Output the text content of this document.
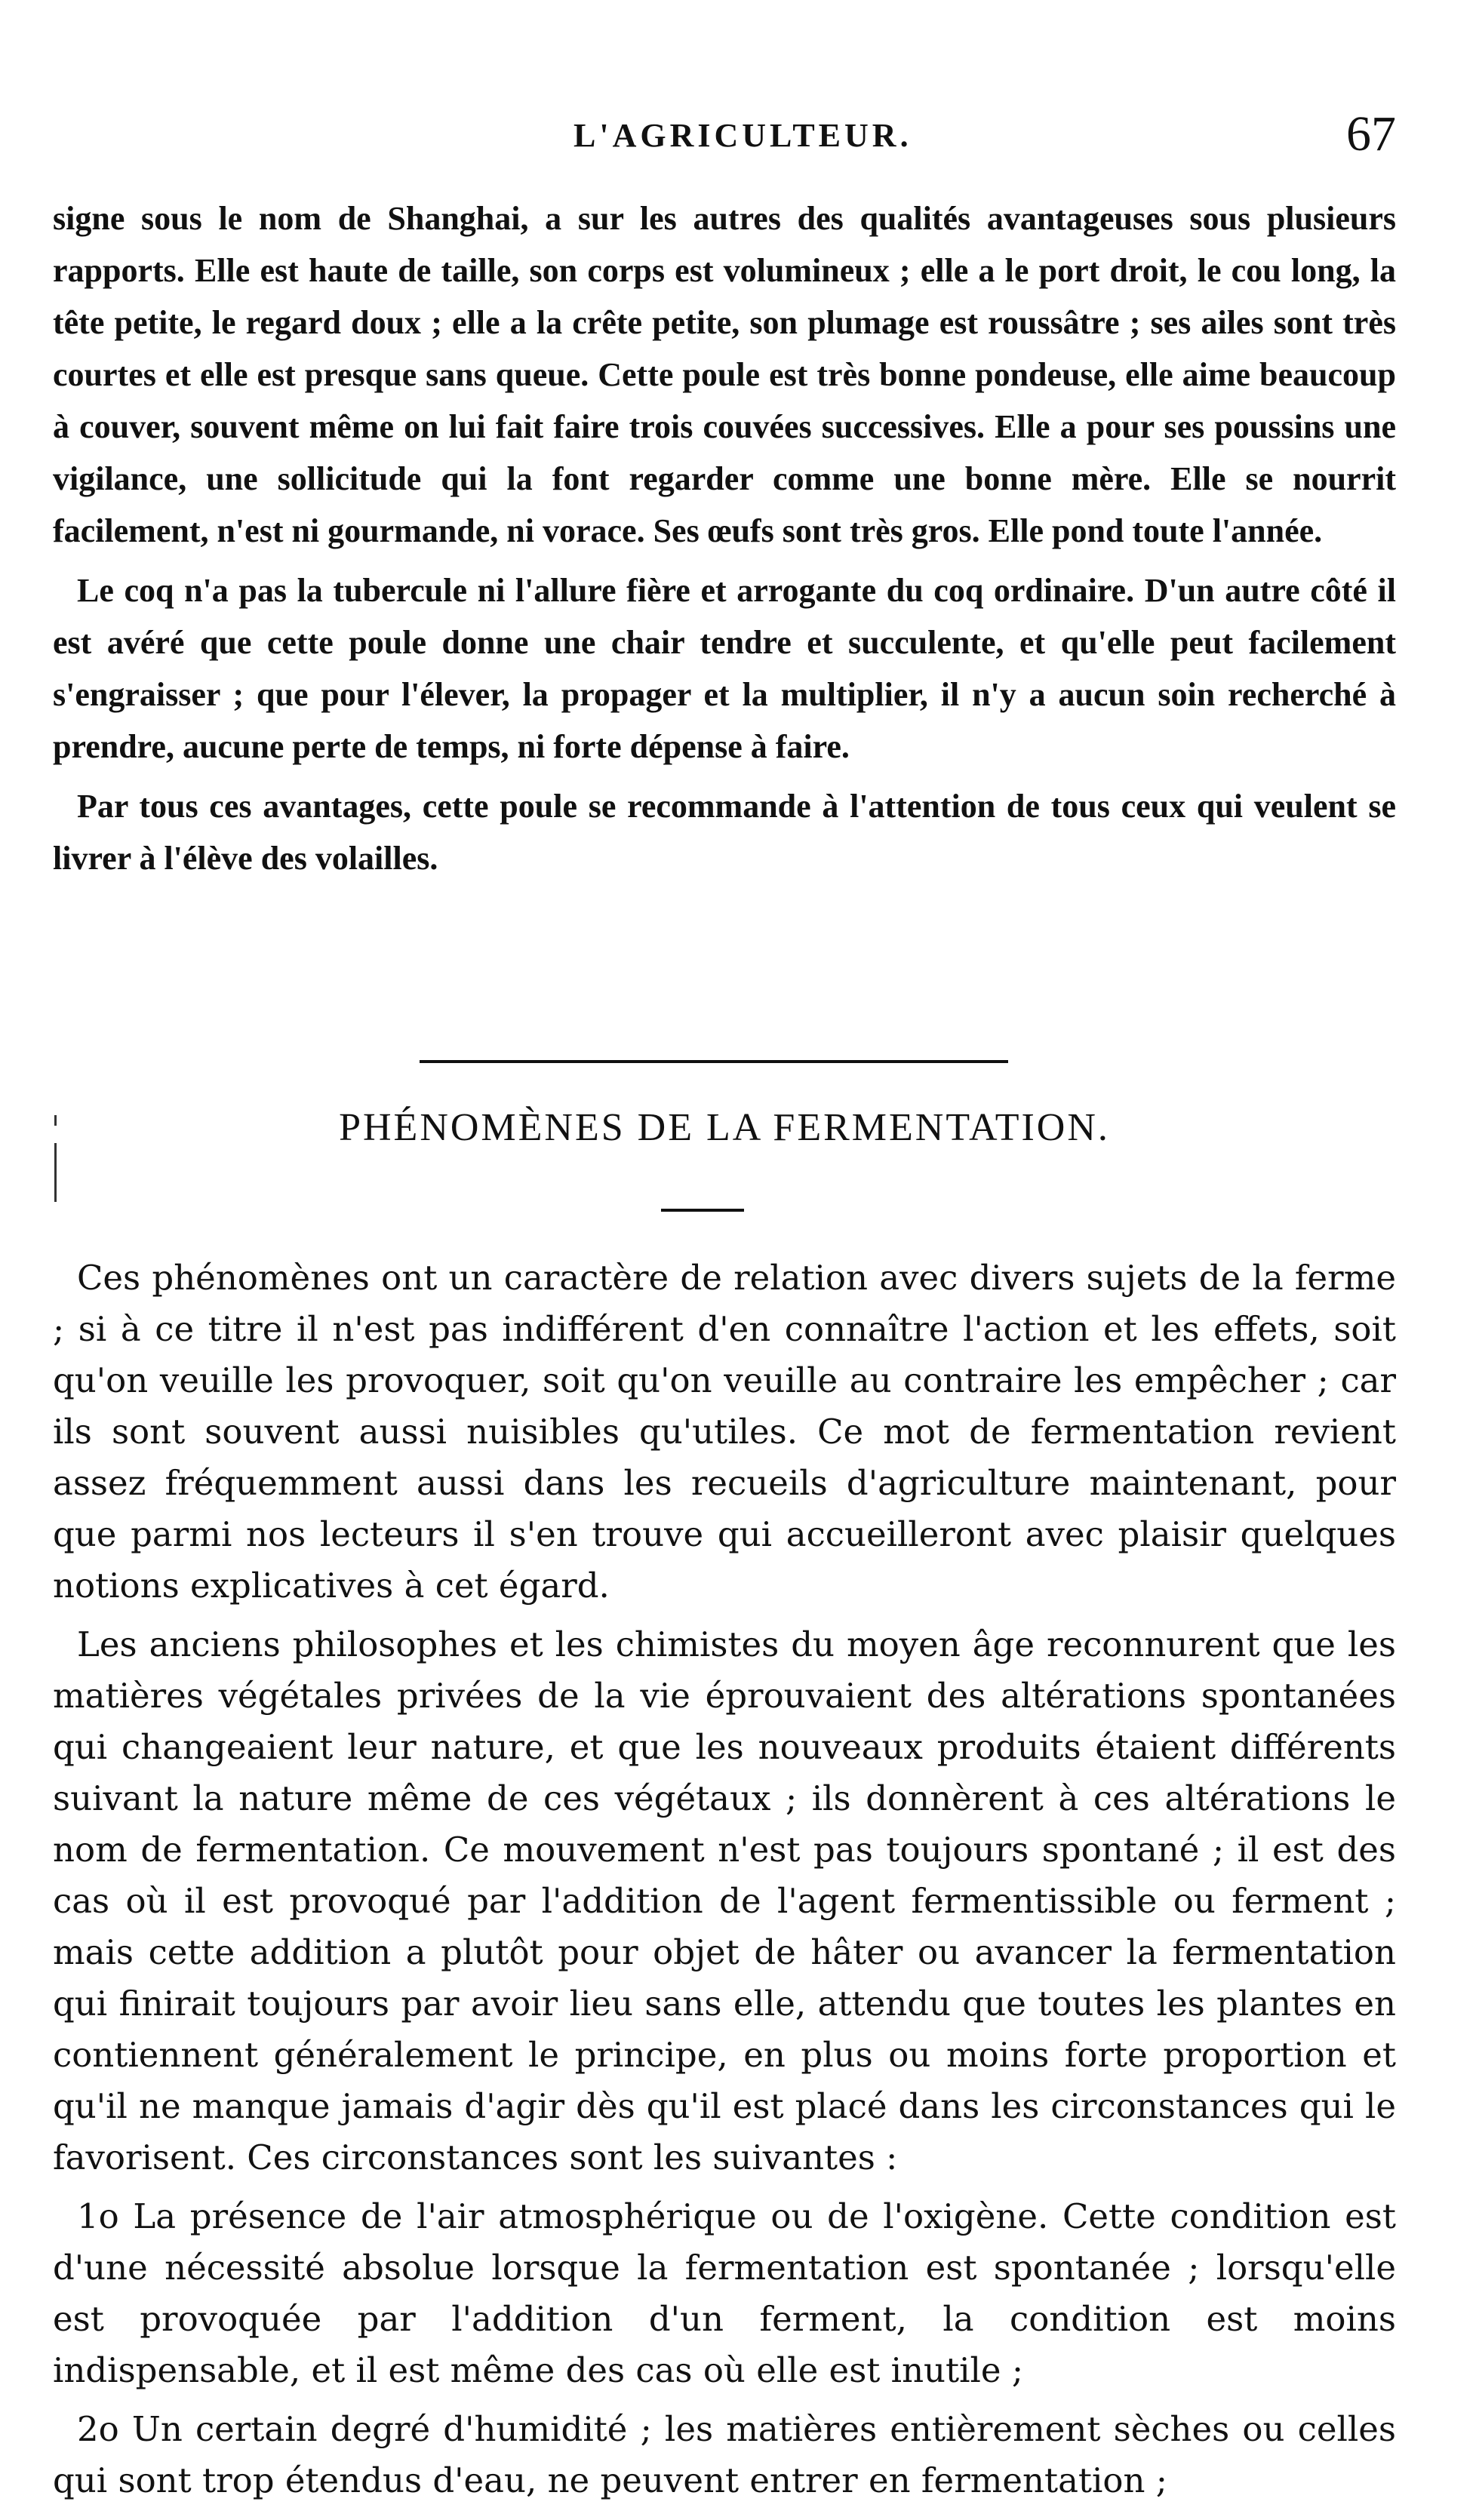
L'AGRICULTEUR.	67

signe sous le nom de Shanghai, a sur les autres des qualités avantageuses sous plusieurs rapports. Elle est haute de taille, son corps est volumineux ; elle a le port droit, le cou long, la tête petite, le regard doux ; elle a la crête petite, son plumage est roussâtre ; ses ailes sont très courtes et elle est presque sans queue. Cette poule est très bonne pondeuse, elle aime beaucoup à couver, souvent même on lui fait faire trois couvées successives. Elle a pour ses poussins une vigilance, une sollicitude qui la font regarder comme une bonne mère. Elle se nourrit facilement, n'est ni gourmande, ni vorace. Ses œufs sont très gros. Elle pond toute l'année.

Le coq n'a pas la tubercule ni l'allure fière et arrogante du coq ordinaire. D'un autre côté il est avéré que cette poule donne une chair tendre et succulente, et qu'elle peut facilement s'engraisser ; que pour l'élever, la propager et la multiplier, il n'y a aucun soin recherché à prendre, aucune perte de temps, ni forte dépense à faire.

Par tous ces avantages, cette poule se recommande à l'attention de tous ceux qui veulent se livrer à l'élève des volailles.

PHÉNOMÈNES DE LA FERMENTATION.

Ces phénomènes ont un caractère de relation avec divers sujets de la ferme ; si à ce titre il n'est pas indifférent d'en connaître l'action et les effets, soit qu'on veuille les provoquer, soit qu'on veuille au contraire les empêcher ; car ils sont souvent aussi nuisibles qu'utiles. Ce mot de fermentation revient assez fréquemment aussi dans les recueils d'agriculture maintenant, pour que parmi nos lecteurs il s'en trouve qui accueilleront avec plaisir quelques notions explicatives à cet égard.

Les anciens philosophes et les chimistes du moyen âge reconnurent que les matières végétales privées de la vie éprouvaient des altérations spontanées qui changeaient leur nature, et que les nouveaux produits étaient différents suivant la nature même de ces végétaux ; ils donnèrent à ces altérations le nom de fermentation. Ce mouvement n'est pas toujours spontané ; il est des cas où il est provoqué par l'addition de l'agent fermentissible ou ferment ; mais cette addition a plutôt pour objet de hâter ou avancer la fermentation qui finirait toujours par avoir lieu sans elle, attendu que toutes les plantes en contiennent généralement le principe, en plus ou moins forte proportion et qu'il ne manque jamais d'agir dès qu'il est placé dans les circonstances qui le favorisent. Ces circonstances sont les suivantes :

1o La présence de l'air atmosphérique ou de l'oxigène. Cette condition est d'une nécessité absolue lorsque la fermentation est spontanée ; lorsqu'elle est provoquée par l'addition d'un ferment, la condition est moins indispensable, et il est même des cas où elle est inutile ;

2o Un certain degré d'humidité ; les matières entièrement sèches ou celles qui sont trop étendus d'eau, ne peuvent entrer en fermentation ;
